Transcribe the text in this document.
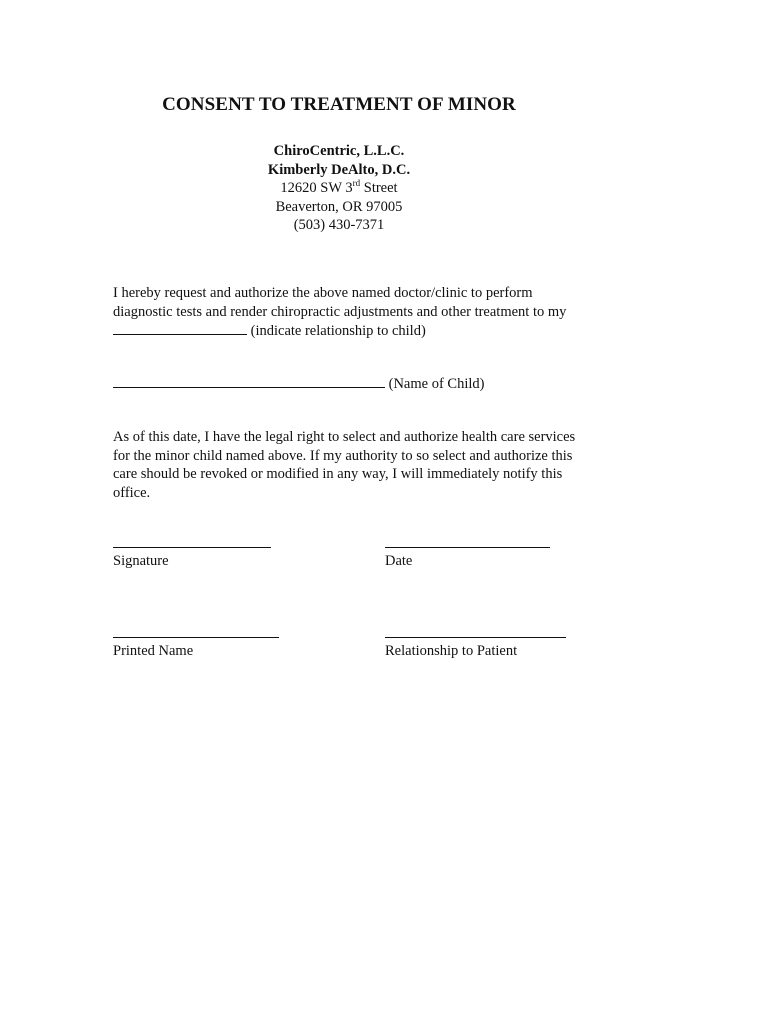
CONSENT TO TREATMENT OF MINOR
ChiroCentric, L.L.C.
Kimberly DeAlto, D.C.
12620 SW 3rd Street
Beaverton, OR 97005
(503) 430-7371
I hereby request and authorize the above named doctor/clinic to perform diagnostic tests and render chiropractic adjustments and other treatment to my  (indicate relationship to child)
(Name of Child)
As of this date, I have the legal right to select and authorize health care services for the minor child named above. If my authority to so select and authorize this care should be revoked or modified in any way, I will immediately notify this office.
Signature	Date
Printed Name	Relationship to Patient
